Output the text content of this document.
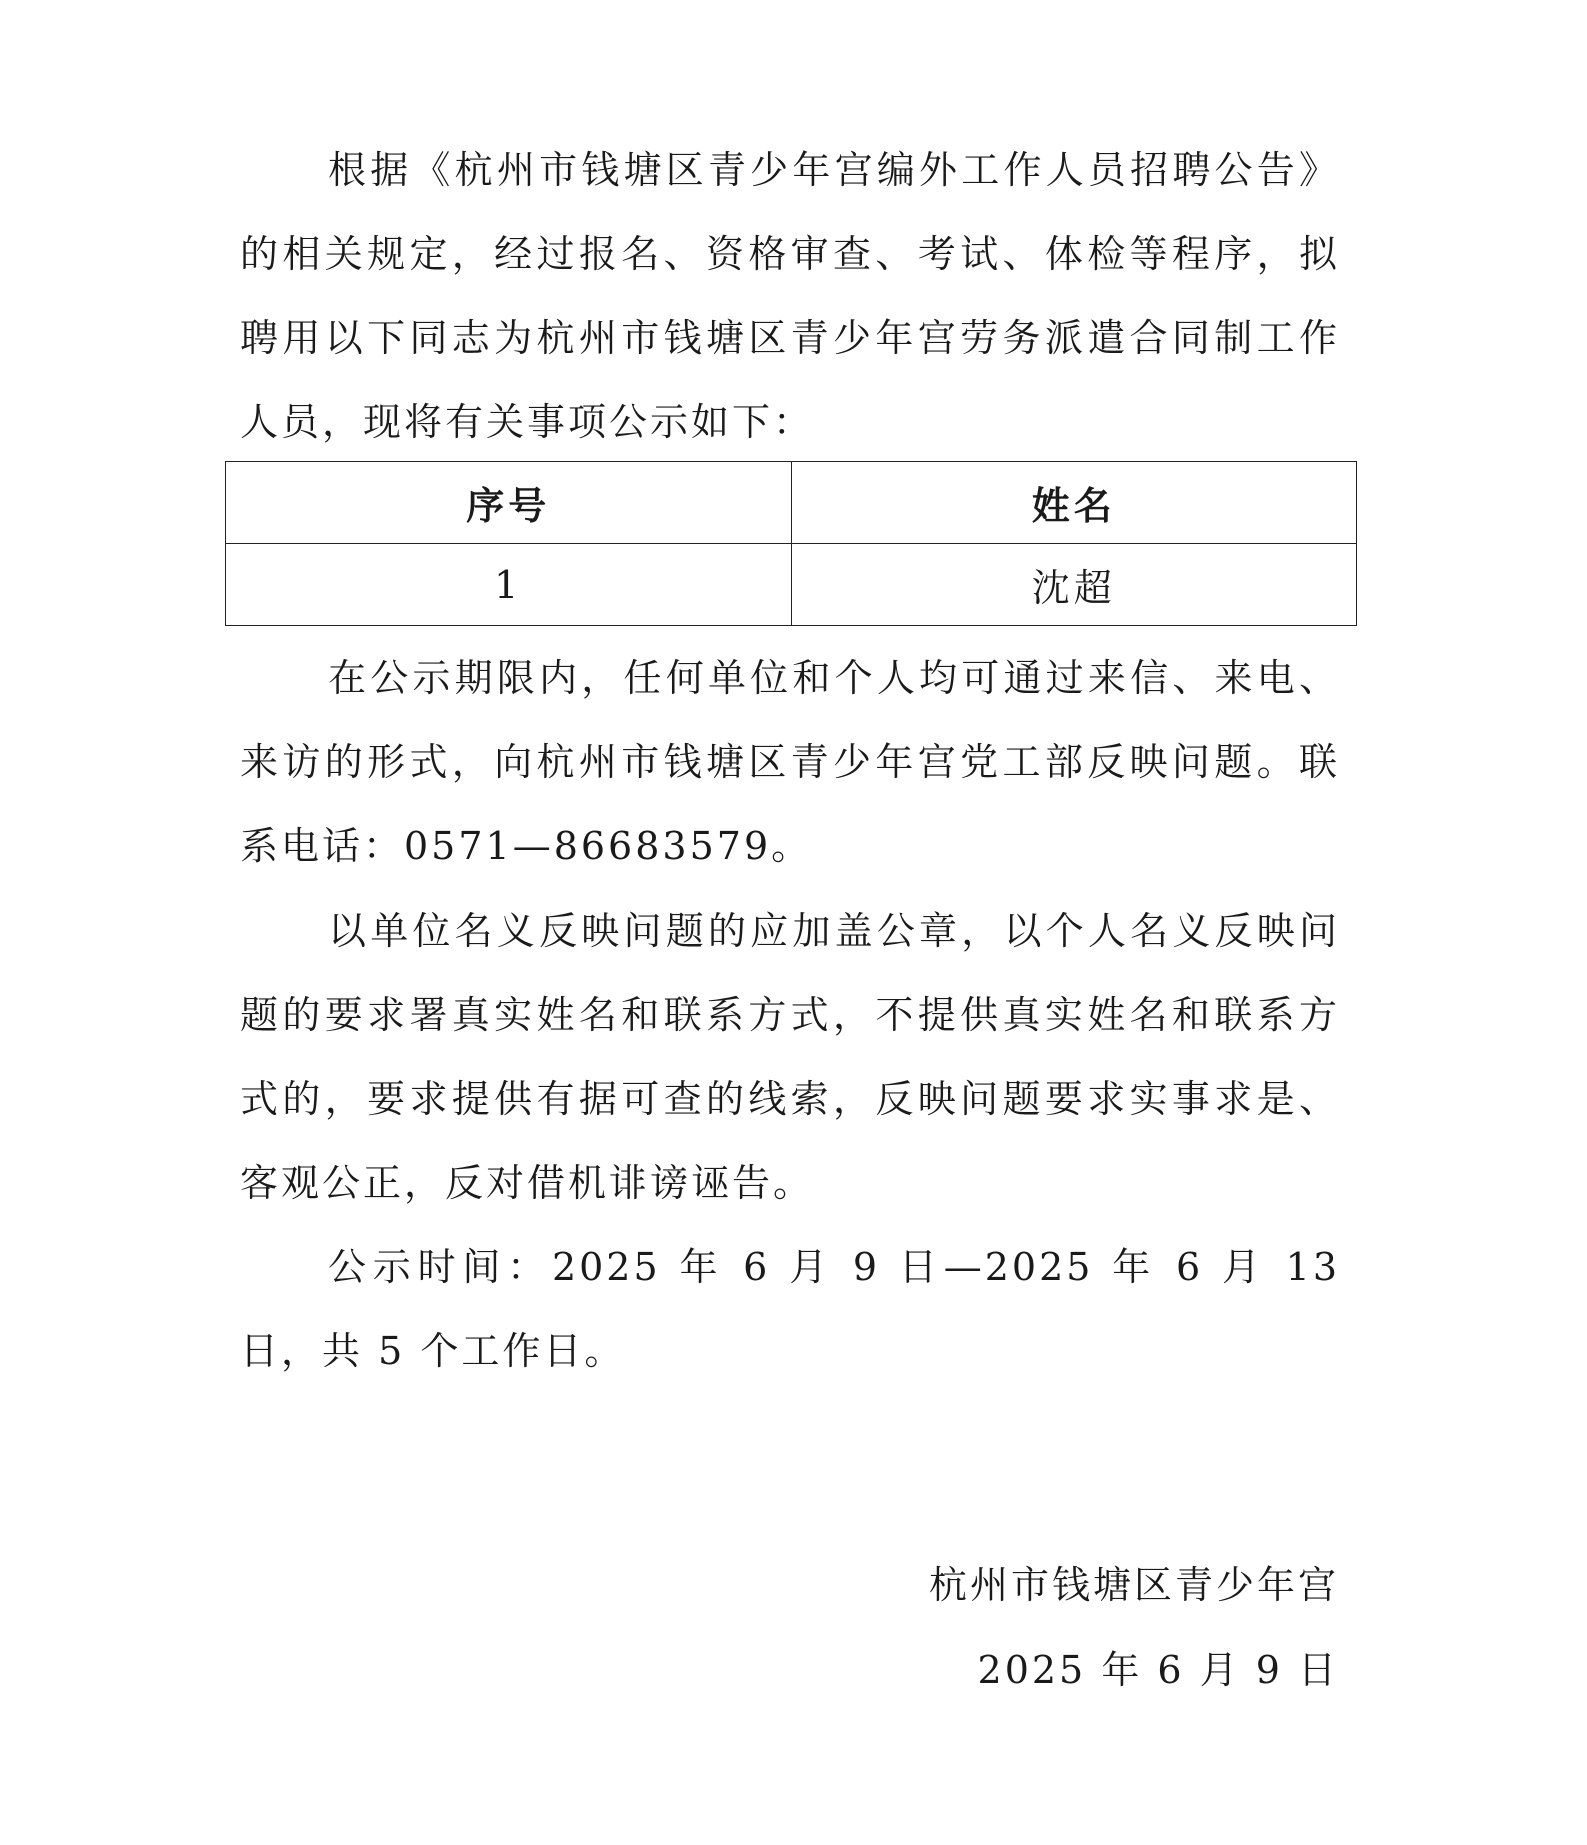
根据《杭州市钱塘区青少年宫编外工作人员招聘公告》的相关规定，经过报名、资格审查、考试、体检等程序，拟聘用以下同志为杭州市钱塘区青少年宫劳务派遣合同制工作人员，现将有关事项公示如下：

序号	姓名
1	沈超

在公示期限内，任何单位和个人均可通过来信、来电、来访的形式，向杭州市钱塘区青少年宫党工部反映问题。联系电话：0571—86683579。

以单位名义反映问题的应加盖公章，以个人名义反映问题的要求署真实姓名和联系方式，不提供真实姓名和联系方式的，要求提供有据可查的线索，反映问题要求实事求是、客观公正，反对借机诽谤诬告。

公示时间：2025 年 6 月 9 日—2025 年 6 月 13 日，共 5 个工作日。

杭州市钱塘区青少年宫

2025 年 6 月 9 日
